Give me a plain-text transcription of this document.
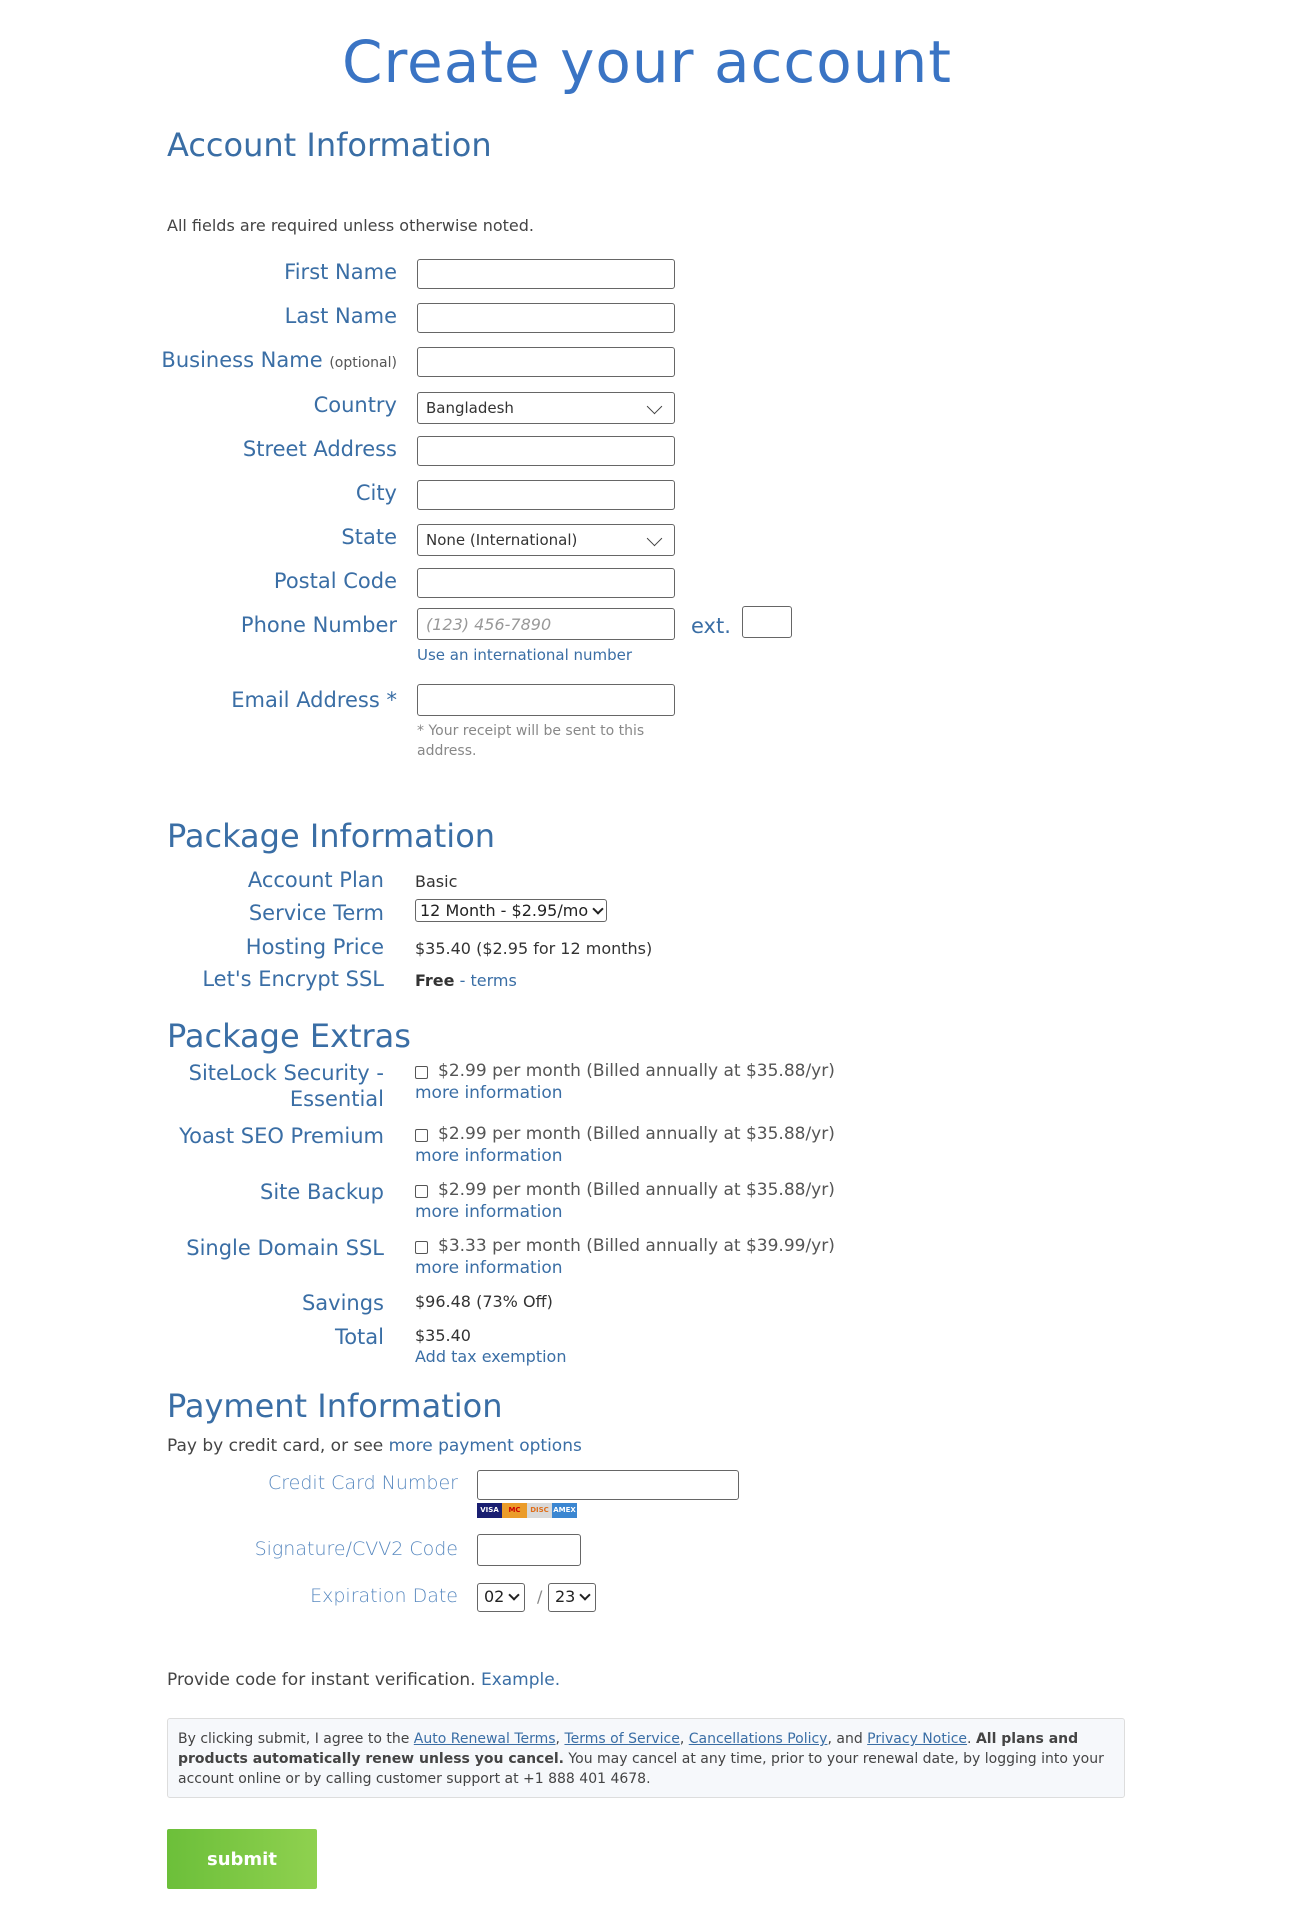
Create your account
Account Information
All fields are required unless otherwise noted.
First Name
Last Name
Business Name (optional)
Country	Bangladesh
Street Address
City
State	None (International)
Postal Code
Phone Number	(123) 456-7890	ext.
Use an international number
Email Address *
* Your receipt will be sent to this address.
Package Information
Account Plan Basic
Service Term	12 Month - $2.95/mo
Hosting Price $35.40 ($2.95 for 12 months)
Let's Encrypt SSL Free - terms
Package Extras
SiteLock Security -
Essential
$2.99 per month (Billed annually at $35.88/yr)
more information
Yoast SEO Premium	$2.99 per month (Billed annually at $35.88/yr)
more information
Site Backup	$2.99 per month (Billed annually at $35.88/yr)
more information
Single Domain SSL	$3.33 per month (Billed annually at $39.99/yr)
more information
Savings $96.48 (73% Off)
Total $35.40
Add tax exemption
Payment Information
Pay by credit card, or see more payment options
Credit Card Number
VISA	MC	DISC AMEX
Signature/CVV2 Code
Expiration Date	02	/ 23
Provide code for instant verification. Example.
By clicking submit, I agree to the Auto Renewal Terms, Terms of Service, Cancellations Policy, and Privacy Notice. All plans and products automatically renew unless you cancel. You may cancel at any time, prior to your renewal date, by logging into your account online or by calling customer support at +1 888 401 4678.
submit
